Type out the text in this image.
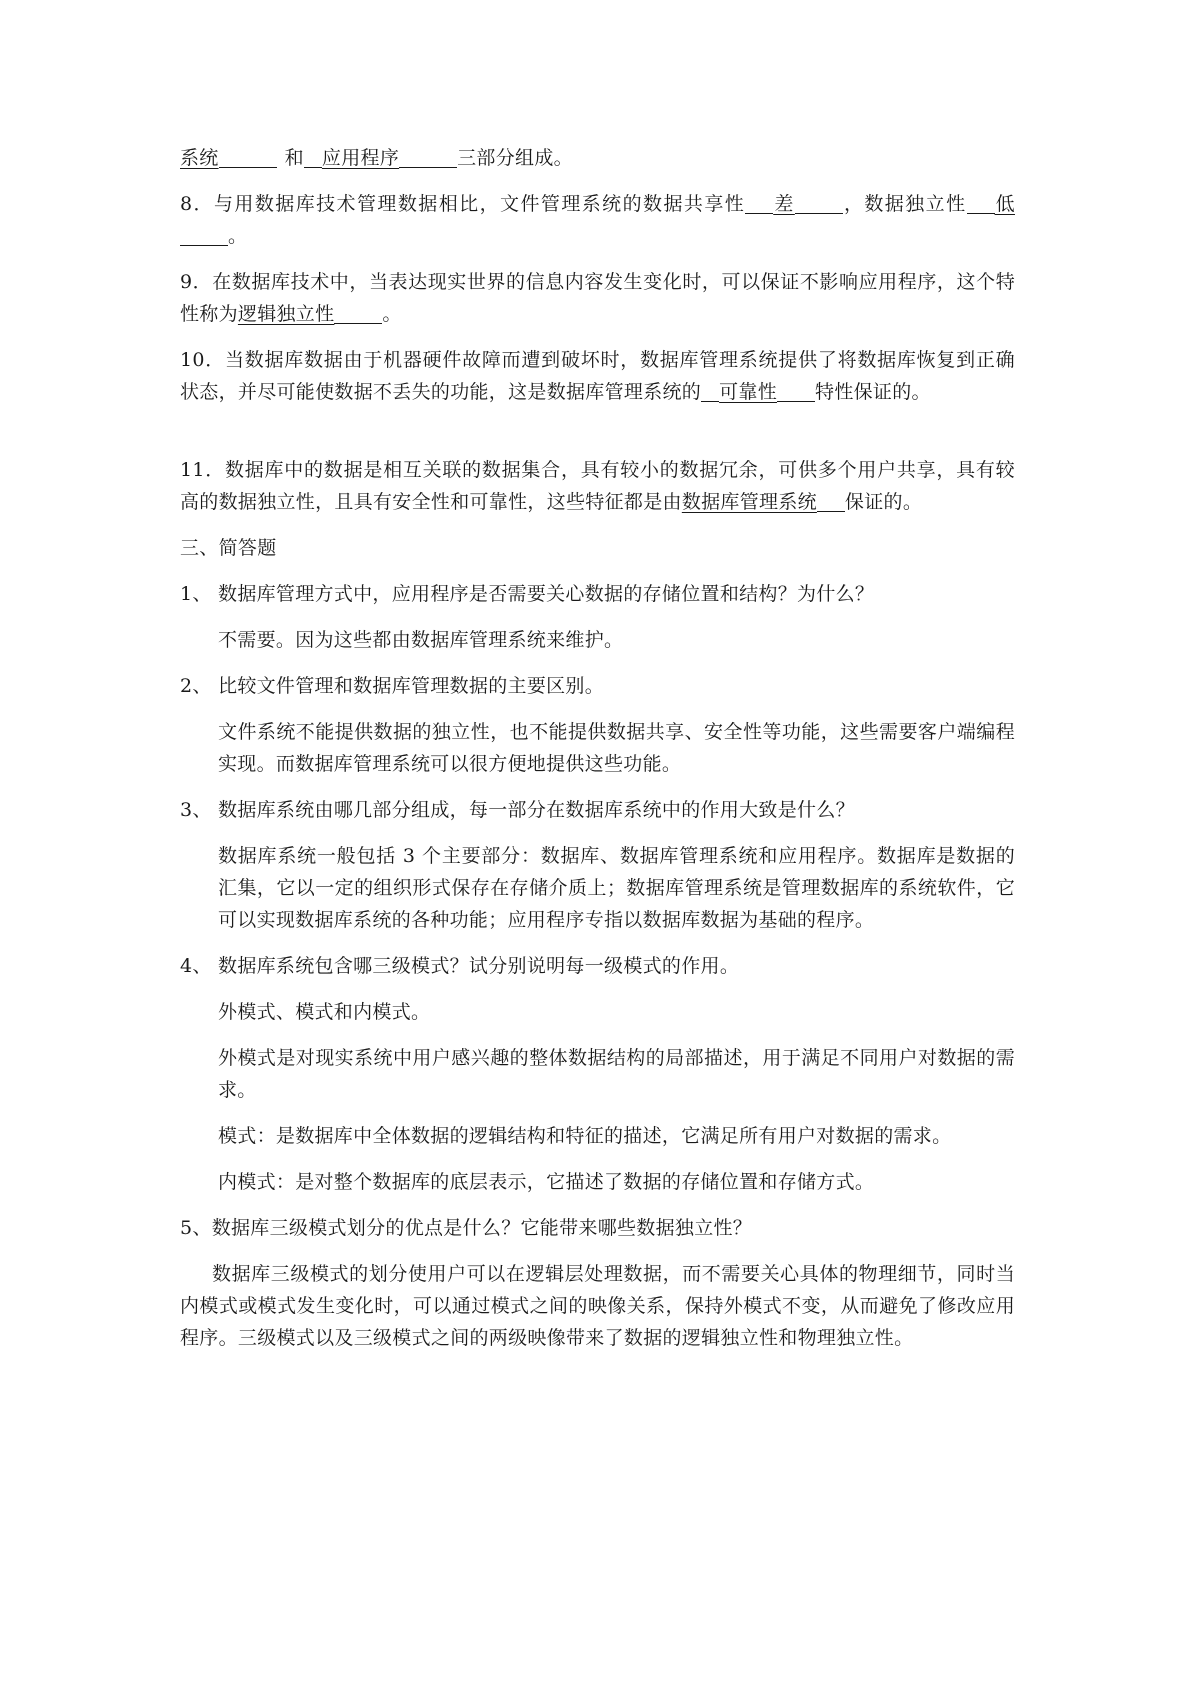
系统	和 应用程序	三部分组成。

8．与用数据库技术管理数据相比，文件管理系统的数据共享性 差	，数据独立性 低。

9．在数据库技术中，当表达现实世界的信息内容发生变化时，可以保证不影响应用程序，这个特性称为逻辑独立性	。

10．当数据库数据由于机器硬件故障而遭到破坏时，数据库管理系统提供了将数据库恢复到正确状态，并尽可能使数据不丢失的功能，这是数据库管理系统的 可靠性 特性保证的。

11．数据库中的数据是相互关联的数据集合，具有较小的数据冗余，可供多个用户共享，具有较高的数据独立性，且具有安全性和可靠性，这些特征都是由数据库管理系统 保证的。

三、简答题

1、 数据库管理方式中，应用程序是否需要关心数据的存储位置和结构？为什么？

不需要。因为这些都由数据库管理系统来维护。

2、 比较文件管理和数据库管理数据的主要区别。

文件系统不能提供数据的独立性，也不能提供数据共享、安全性等功能，这些需要客户端编程实现。而数据库管理系统可以很方便地提供这些功能。

3、 数据库系统由哪几部分组成，每一部分在数据库系统中的作用大致是什么？

数据库系统一般包括 3 个主要部分：数据库、数据库管理系统和应用程序。数据库是数据的汇集，它以一定的组织形式保存在存储介质上；数据库管理系统是管理数据库的系统软件，它可以实现数据库系统的各种功能；应用程序专指以数据库数据为基础的程序。

4、 数据库系统包含哪三级模式？试分别说明每一级模式的作用。

外模式、模式和内模式。

外模式是对现实系统中用户感兴趣的整体数据结构的局部描述，用于满足不同用户对数据的需求。

模式：是数据库中全体数据的逻辑结构和特征的描述，它满足所有用户对数据的需求。

内模式：是对整个数据库的底层表示，它描述了数据的存储位置和存储方式。

5、数据库三级模式划分的优点是什么？它能带来哪些数据独立性？

数据库三级模式的划分使用户可以在逻辑层处理数据，而不需要关心具体的物理细节，同时当内模式或模式发生变化时，可以通过模式之间的映像关系，保持外模式不变，从而避免了修改应用程序。三级模式以及三级模式之间的两级映像带来了数据的逻辑独立性和物理独立性。
